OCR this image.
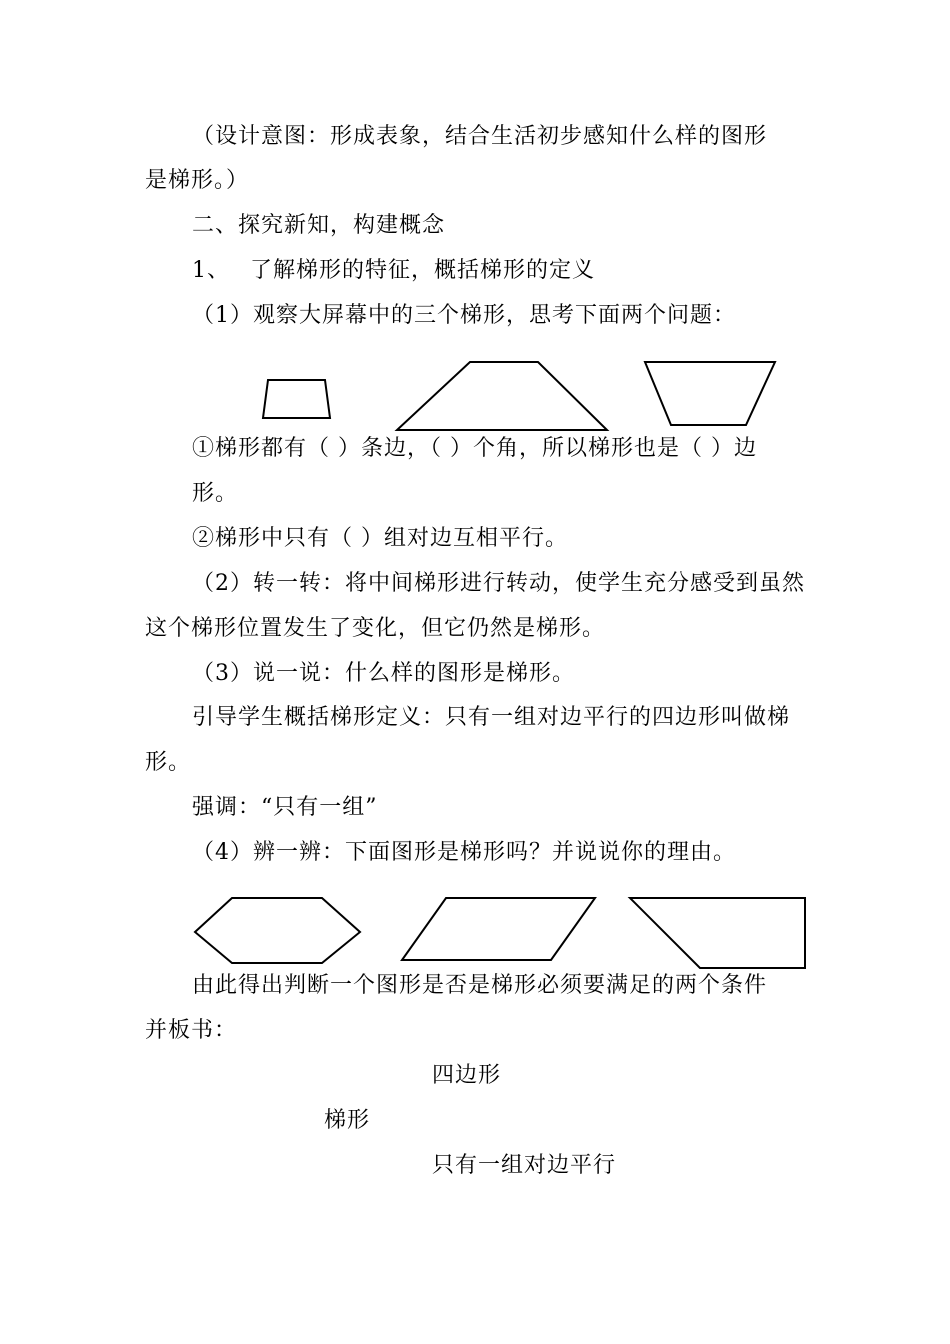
（设计意图：形成表象，结合生活初步感知什么样的图形
是梯形。）
二、探究新知，构建概念
1、　 了解梯形的特征，概括梯形的定义
（1）观察大屏幕中的三个梯形，思考下面两个问题：
①梯形都有（ ）条边，（ ）个角，所以梯形也是（ ）边
形。
②梯形中只有（ ）组对边互相平行。
（2）转一转：将中间梯形进行转动，使学生充分感受到虽然
这个梯形位置发生了变化，但它仍然是梯形。
（3）说一说：什么样的图形是梯形。
引导学生概括梯形定义：只有一组对边平行的四边形叫做梯
形。
强调：“只有一组”
（4）辨一辨：下面图形是梯形吗？并说说你的理由。
由此得出判断一个图形是否是梯形必须要满足的两个条件
并板书：
四边形
梯形
只有一组对边平行
